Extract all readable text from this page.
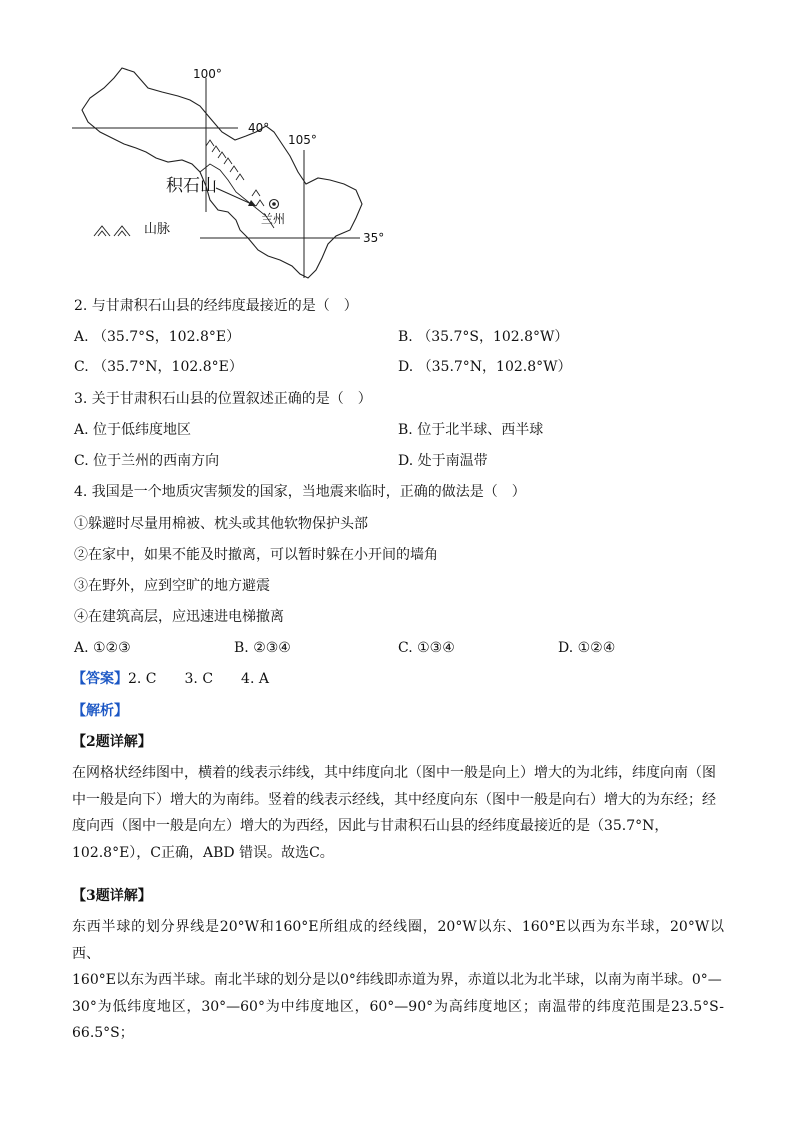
100°
40°
105°
积石山
兰州
35°
山脉
2. 与甘肃积石山县的经纬度最接近的是（　）
A. （35.7°S，102.8°E）	B. （35.7°S，102.8°W）
C. （35.7°N，102.8°E）	D. （35.7°N，102.8°W）
3. 关于甘肃积石山县的位置叙述正确的是（　）
A. 位于低纬度地区	B. 位于北半球、西半球
C. 位于兰州的西南方向	D. 处于南温带
4. 我国是一个地质灾害频发的国家，当地震来临时，正确的做法是（　）
①躲避时尽量用棉被、枕头或其他软物保护头部
②在家中，如果不能及时撤离，可以暂时躲在小开间的墙角
③在野外，应到空旷的地方避震
④在建筑高层，应迅速进电梯撤离
A. ①②③	B. ②③④	C. ①③④	D. ①②④
【答案】2. C　　3. C　　4. A
【解析】
【2题详解】
在网格状经纬图中，横着的线表示纬线，其中纬度向北（图中一般是向上）增大的为北纬，纬度向南（图
中一般是向下）增大的为南纬。竖着的线表示经线，其中经度向东（图中一般是向右）增大的为东经；经
度向西（图中一般是向左）增大的为西经，因此与甘肃积石山县的经纬度最接近的是（35.7°N，
102.8°E），C正确，ABD 错误。故选C。
【3题详解】
东西半球的划分界线是20°W和160°E所组成的经线圈，20°W以东、160°E以西为东半球，20°W以西、
160°E以东为西半球。南北半球的划分是以0°纬线即赤道为界，赤道以北为北半球，以南为南半球。0°—
30°为低纬度地区，30°—60°为中纬度地区，60°—90°为高纬度地区；南温带的纬度范围是23.5°S-66.5°S；
